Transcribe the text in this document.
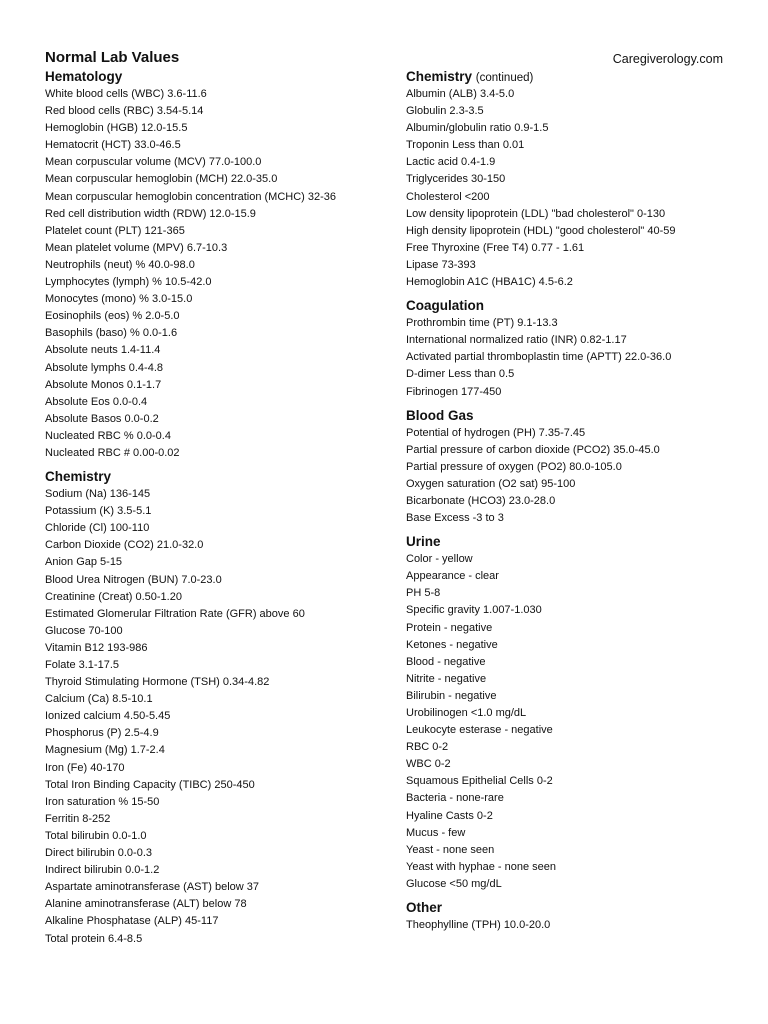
Normal Lab Values	Caregiverology.com
Hematology
White blood cells (WBC) 3.6-11.6
Red blood cells (RBC) 3.54-5.14
Hemoglobin (HGB) 12.0-15.5
Hematocrit (HCT) 33.0-46.5
Mean corpuscular volume (MCV) 77.0-100.0
Mean corpuscular hemoglobin (MCH) 22.0-35.0
Mean corpuscular hemoglobin concentration (MCHC) 32-36
Red cell distribution width (RDW) 12.0-15.9
Platelet count (PLT) 121-365
Mean platelet volume (MPV) 6.7-10.3
Neutrophils (neut) % 40.0-98.0
Lymphocytes (lymph) % 10.5-42.0
Monocytes (mono) % 3.0-15.0
Eosinophils (eos) % 2.0-5.0
Basophils (baso) % 0.0-1.6
Absolute neuts 1.4-11.4
Absolute lymphs 0.4-4.8
Absolute Monos 0.1-1.7
Absolute Eos 0.0-0.4
Absolute Basos 0.0-0.2
Nucleated RBC % 0.0-0.4
Nucleated RBC # 0.00-0.02
Chemistry
Sodium (Na) 136-145
Potassium (K) 3.5-5.1
Chloride (Cl) 100-110
Carbon Dioxide (CO2) 21.0-32.0
Anion Gap 5-15
Blood Urea Nitrogen (BUN) 7.0-23.0
Creatinine (Creat) 0.50-1.20
Estimated Glomerular Filtration Rate (GFR) above 60
Glucose 70-100
Vitamin B12 193-986
Folate 3.1-17.5
Thyroid Stimulating Hormone (TSH) 0.34-4.82
Calcium (Ca) 8.5-10.1
Ionized calcium 4.50-5.45
Phosphorus (P) 2.5-4.9
Magnesium (Mg) 1.7-2.4
Iron (Fe) 40-170
Total Iron Binding Capacity (TIBC) 250-450
Iron saturation % 15-50
Ferritin 8-252
Total bilirubin 0.0-1.0
Direct bilirubin 0.0-0.3
Indirect bilirubin 0.0-1.2
Aspartate aminotransferase (AST) below 37
Alanine aminotransferase (ALT) below 78
Alkaline Phosphatase (ALP) 45-117
Total protein 6.4-8.5
Chemistry (continued)
Albumin (ALB) 3.4-5.0
Globulin 2.3-3.5
Albumin/globulin ratio 0.9-1.5
Troponin Less than 0.01
Lactic acid 0.4-1.9
Triglycerides 30-150
Cholesterol <200
Low density lipoprotein (LDL) "bad cholesterol" 0-130
High density lipoprotein (HDL) "good cholesterol" 40-59
Free Thyroxine (Free T4) 0.77 - 1.61
Lipase 73-393
Hemoglobin A1C (HBA1C) 4.5-6.2
Coagulation
Prothrombin time (PT) 9.1-13.3
International normalized ratio (INR) 0.82-1.17
Activated partial thromboplastin time (APTT) 22.0-36.0
D-dimer Less than 0.5
Fibrinogen 177-450
Blood Gas
Potential of hydrogen (PH) 7.35-7.45
Partial pressure of carbon dioxide (PCO2) 35.0-45.0
Partial pressure of oxygen (PO2) 80.0-105.0
Oxygen saturation (O2 sat) 95-100
Bicarbonate (HCO3) 23.0-28.0
Base Excess -3 to 3
Urine
Color - yellow
Appearance - clear
PH 5-8
Specific gravity 1.007-1.030
Protein - negative
Ketones - negative
Blood - negative
Nitrite - negative
Bilirubin - negative
Urobilinogen <1.0 mg/dL
Leukocyte esterase - negative
RBC 0-2
WBC 0-2
Squamous Epithelial Cells 0-2
Bacteria - none-rare
Hyaline Casts 0-2
Mucus - few
Yeast - none seen
Yeast with hyphae - none seen
Glucose <50 mg/dL
Other
Theophylline (TPH) 10.0-20.0
